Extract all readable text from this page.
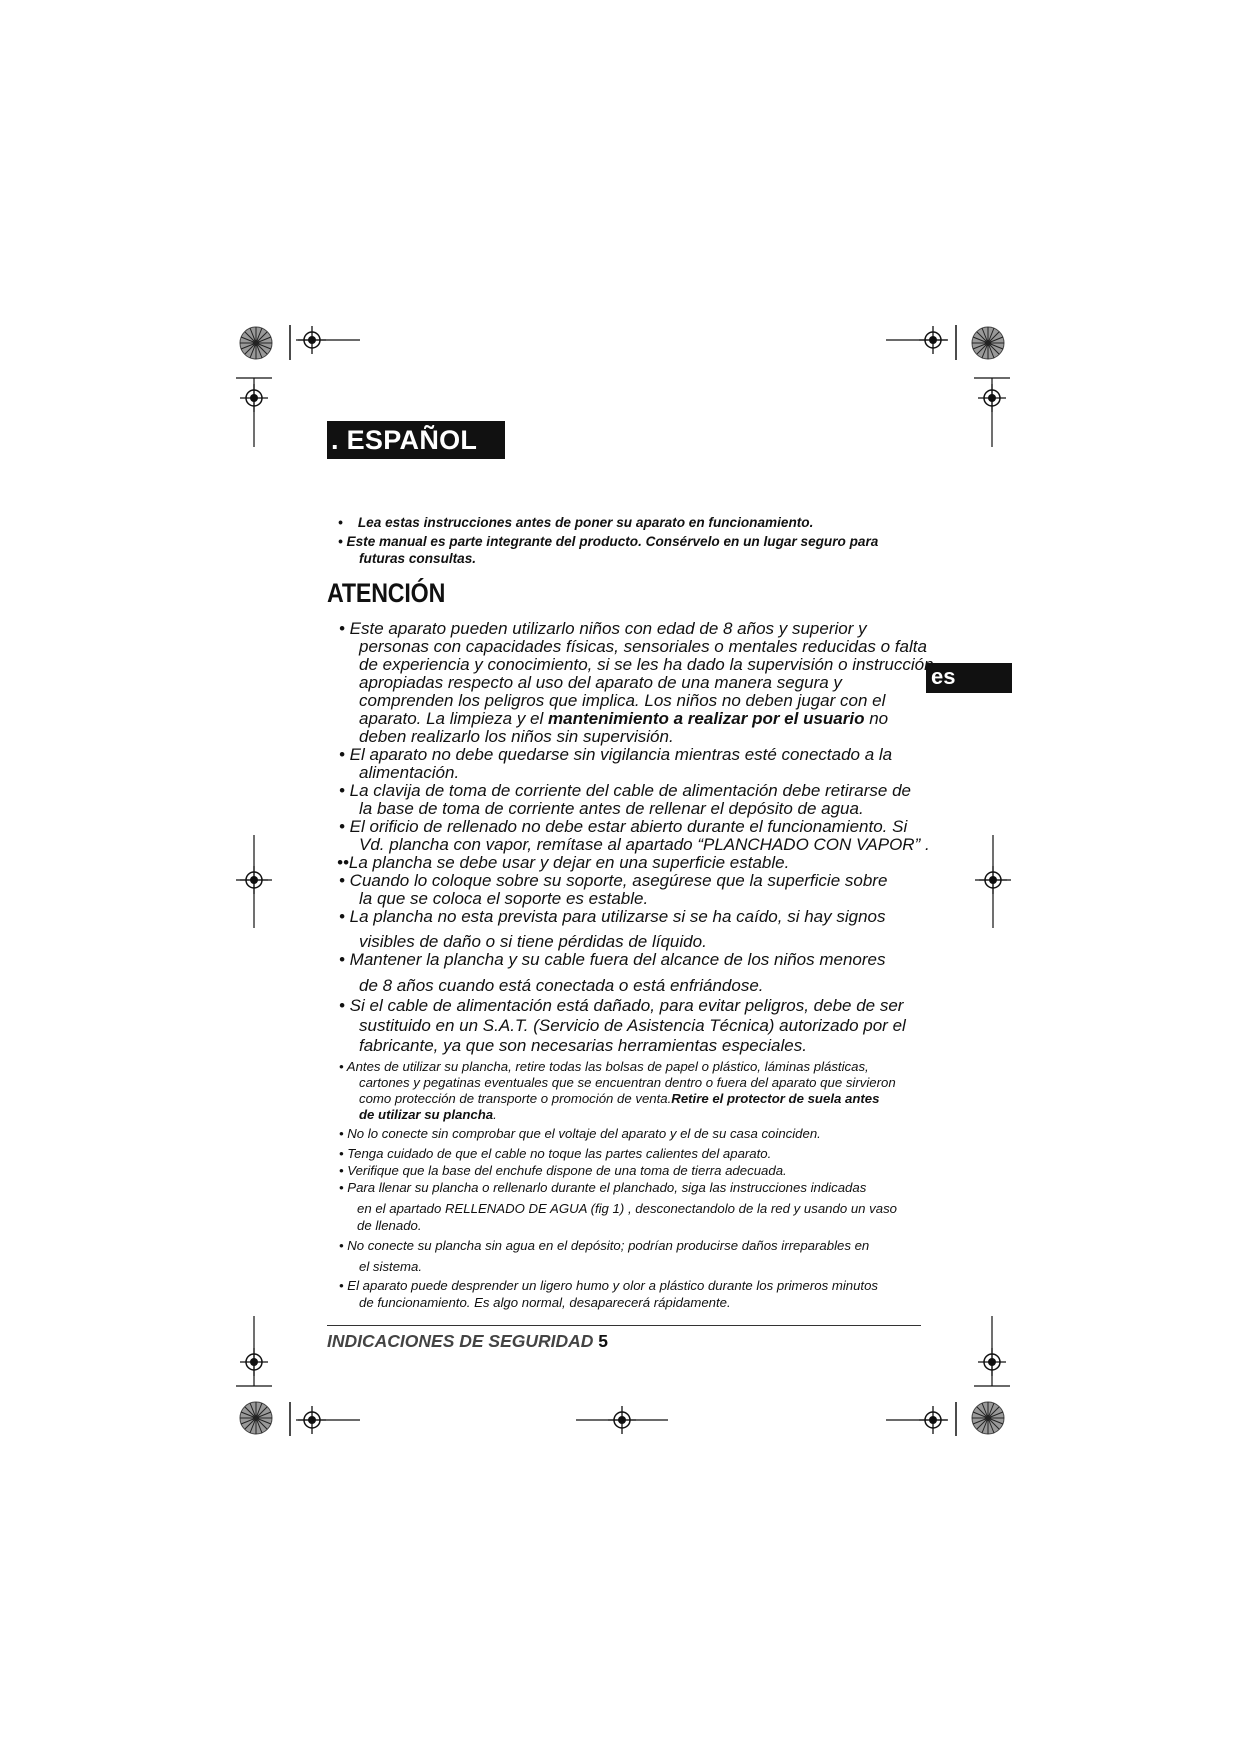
. ESPAÑOL
es
• Lea estas instrucciones antes de poner su aparato en funcionamiento.
• Este manual es parte integrante del producto. Consérvelo en un lugar seguro para
futuras consultas.
ATENCIÓN
• Este aparato pueden utilizarlo niños con edad de 8 años y superior y
personas con capacidades físicas, sensoriales o mentales reducidas o falta
de experiencia y conocimiento, si se les ha dado la supervisión o instrucción
apropiadas respecto al uso del aparato de una manera segura y
comprenden los peligros que implica. Los niños no deben jugar con el
aparato. La limpieza y el mantenimiento a realizar por el usuario no
deben realizarlo los niños sin supervisión.
• El aparato no debe quedarse sin vigilancia mientras esté conectado a la
alimentación.
• La clavija de toma de corriente del cable de alimentación debe retirarse de
la base de toma de corriente antes de rellenar el depósito de agua.
• El orificio de rellenado no debe estar abierto durante el funcionamiento. Si
Vd. plancha con vapor, remítase al apartado “PLANCHADO CON VAPOR” .
••La plancha se debe usar y dejar en una superficie estable.
• Cuando lo coloque sobre su soporte, asegúrese que la superficie sobre
la que se coloca el soporte es estable.
• La plancha no esta prevista para utilizarse si se ha caído, si hay signos
visibles de daño o si tiene pérdidas de líquido.
• Mantener la plancha y su cable fuera del alcance de los niños menores
de 8 años cuando está conectada o está enfriándose.
• Si el cable de alimentación está dañado, para evitar peligros, debe de ser
sustituido en un S.A.T. (Servicio de Asistencia Técnica) autorizado por el
fabricante, ya que son necesarias herramientas especiales.
• Antes de utilizar su plancha, retire todas las bolsas de papel o plástico, láminas plásticas,
cartones y pegatinas eventuales que se encuentran dentro o fuera del aparato que sirvieron
como protección de transporte o promoción de venta.Retire el protector de suela antes
de utilizar su plancha.
• No lo conecte sin comprobar que el voltaje del aparato y el de su casa coinciden.
• Tenga cuidado de que el cable no toque las partes calientes del aparato.
• Verifique que la base del enchufe dispone de una toma de tierra adecuada.
• Para llenar su plancha o rellenarlo durante el planchado, siga las instrucciones indicadas
en el apartado RELLENADO DE AGUA (fig 1) , desconectandolo de la red y usando un vaso
de llenado.
• No conecte su plancha sin agua en el depósito; podrían producirse daños irreparables en
el sistema.
• El aparato puede desprender un ligero humo y olor a plástico durante los primeros minutos
de funcionamiento. Es algo normal, desaparecerá rápidamente.
INDICACIONES DE SEGURIDAD 5
